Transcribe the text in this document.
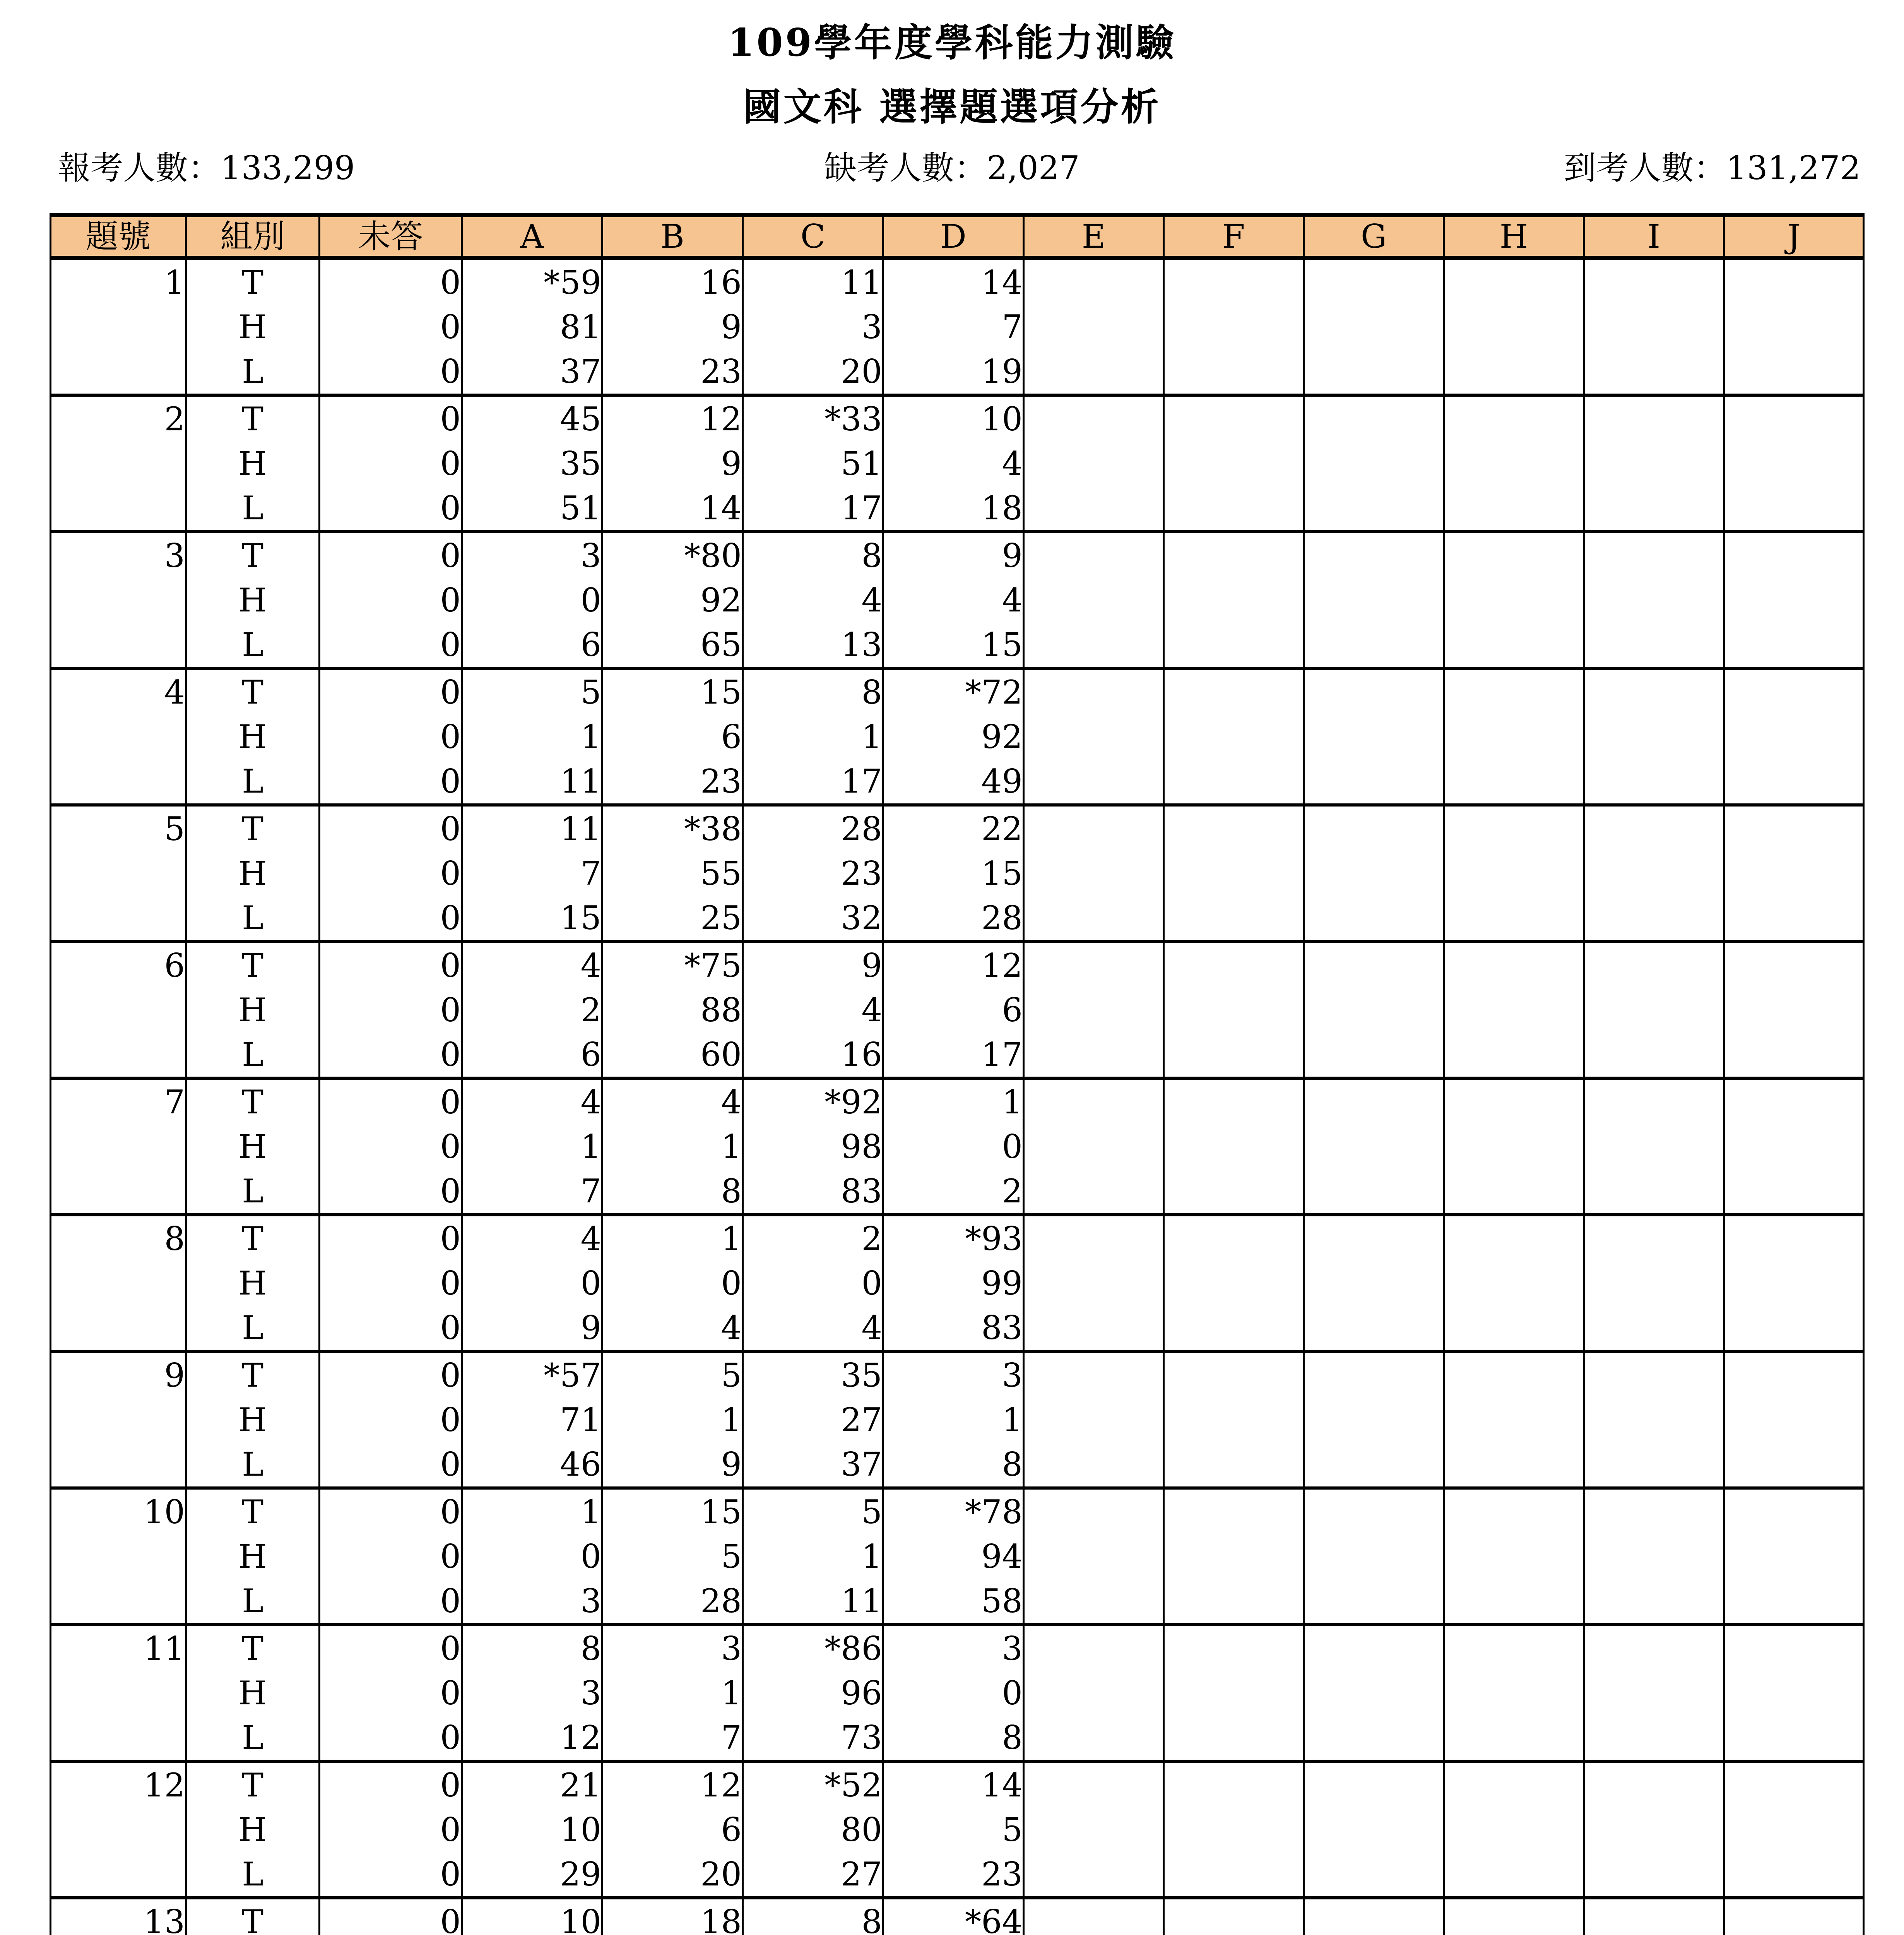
109學年度學科能力測驗
國文科 選擇題選項分析
報考人數：133,299	缺考人數：2,027	到考人數：131,272
題號	組別	未答	A	B	C	D	E	F	G	H	I	J
1	T	0	*59	16	11	14						
	H	0	81	9	3	7						
	L	0	37	23	20	19						
2	T	0	45	12	*33	10						
	H	0	35	9	51	4						
	L	0	51	14	17	18						
3	T	0	3	*80	8	9						
	H	0	0	92	4	4						
	L	0	6	65	13	15						
4	T	0	5	15	8	*72						
	H	0	1	6	1	92						
	L	0	11	23	17	49						
5	T	0	11	*38	28	22						
	H	0	7	55	23	15						
	L	0	15	25	32	28						
6	T	0	4	*75	9	12						
	H	0	2	88	4	6						
	L	0	6	60	16	17						
7	T	0	4	4	*92	1						
	H	0	1	1	98	0						
	L	0	7	8	83	2						
8	T	0	4	1	2	*93						
	H	0	0	0	0	99						
	L	0	9	4	4	83						
9	T	0	*57	5	35	3						
	H	0	71	1	27	1						
	L	0	46	9	37	8						
10	T	0	1	15	5	*78						
	H	0	0	5	1	94						
	L	0	3	28	11	58						
11	T	0	8	3	*86	3						
	H	0	3	1	96	0						
	L	0	12	7	73	8						
12	T	0	21	12	*52	14						
	H	0	10	6	80	5						
	L	0	29	20	27	23						
13	T	0	10	18	8	*64						
